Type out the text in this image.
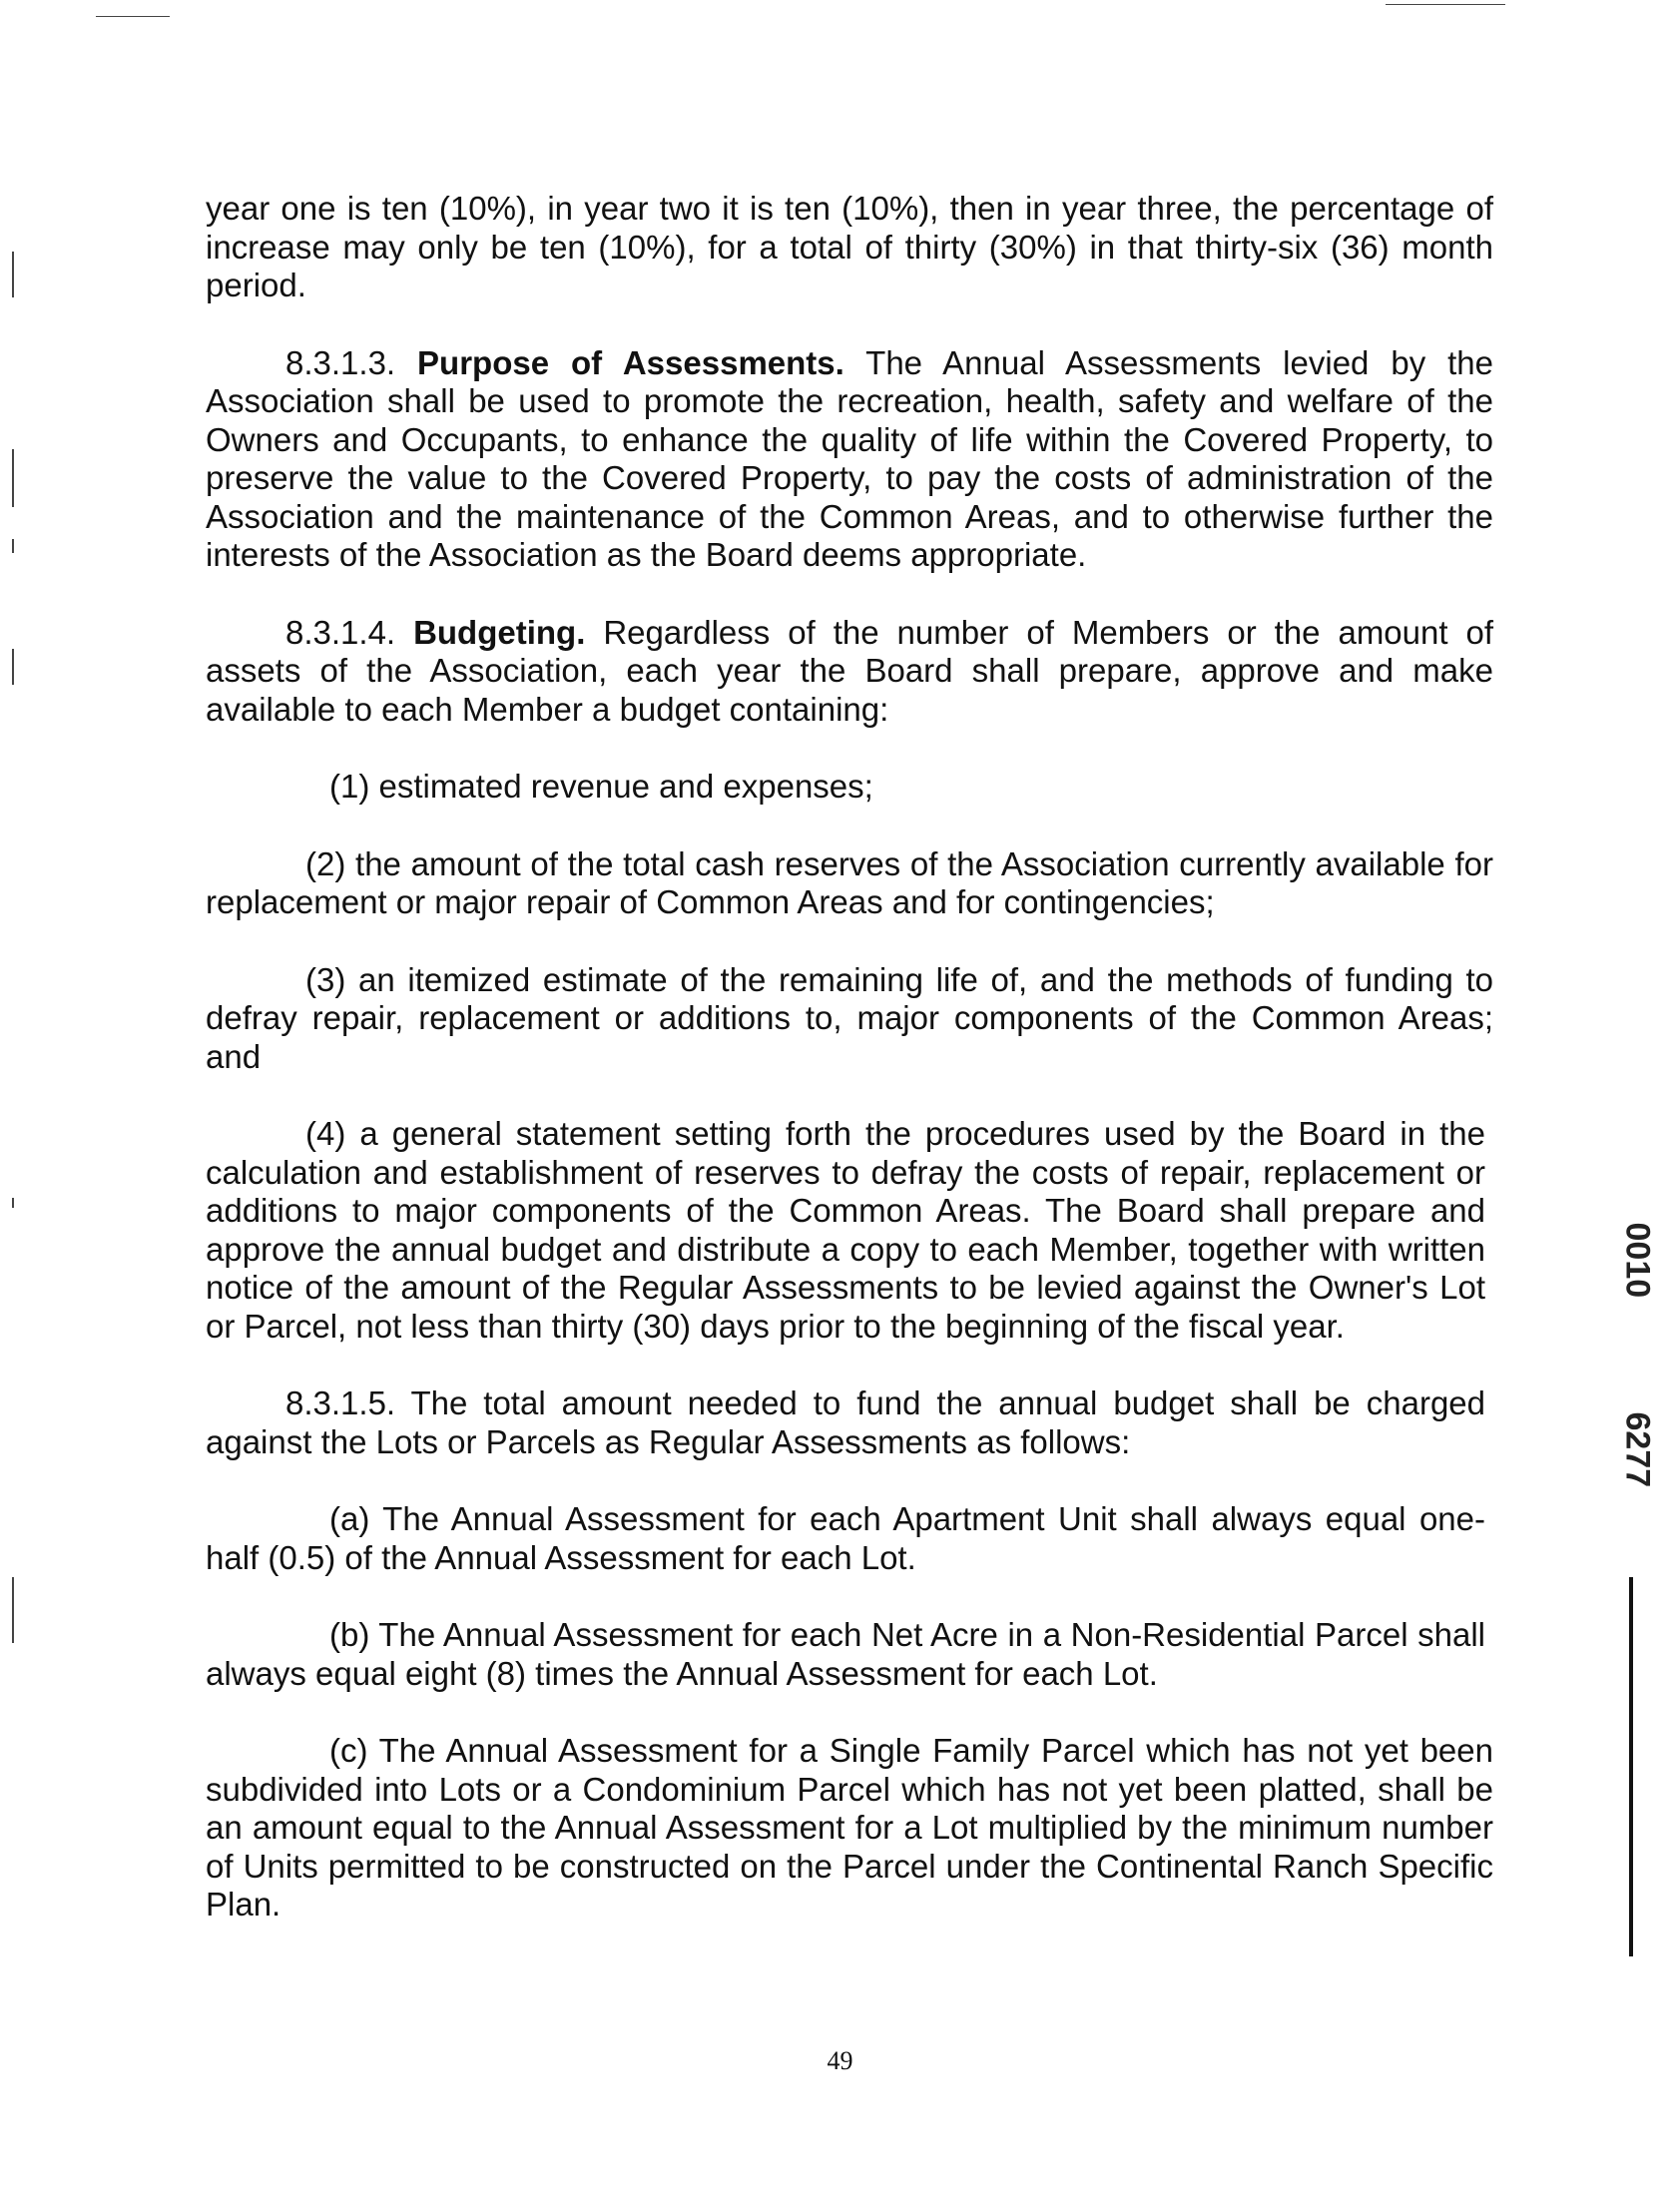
year one is ten (10%), in year two it is ten (10%), then in year three, the percentage of increase may only be ten (10%), for a total of thirty (30%) in that thirty-six (36) month period.

8.3.1.3. Purpose of Assessments. The Annual Assessments levied by the Association shall be used to promote the recreation, health, safety and welfare of the Owners and Occupants, to enhance the quality of life within the Covered Property, to preserve the value to the Covered Property, to pay the costs of administration of the Association and the maintenance of the Common Areas, and to otherwise further the interests of the Association as the Board deems appropriate.

8.3.1.4. Budgeting. Regardless of the number of Members or the amount of assets of the Association, each year the Board shall prepare, approve and make available to each Member a budget containing:

(1) estimated revenue and expenses;

(2) the amount of the total cash reserves of the Association currently available for replacement or major repair of Common Areas and for contingencies;

(3) an itemized estimate of the remaining life of, and the methods of funding to defray repair, replacement or additions to, major components of the Common Areas; and

(4) a general statement setting forth the procedures used by the Board in the calculation and establishment of reserves to defray the costs of repair, replacement or additions to major components of the Common Areas. The Board shall prepare and approve the annual budget and distribute a copy to each Member, together with written notice of the amount of the Regular Assessments to be levied against the Owner's Lot or Parcel, not less than thirty (30) days prior to the beginning of the fiscal year.

8.3.1.5. The total amount needed to fund the annual budget shall be charged against the Lots or Parcels as Regular Assessments as follows:

(a) The Annual Assessment for each Apartment Unit shall always equal one-half (0.5) of the Annual Assessment for each Lot.

(b) The Annual Assessment for each Net Acre in a Non-Residential Parcel shall always equal eight (8) times the Annual Assessment for each Lot.

(c) The Annual Assessment for a Single Family Parcel which has not yet been subdivided into Lots or a Condominium Parcel which has not yet been platted, shall be an amount equal to the Annual Assessment for a Lot multiplied by the minimum number of Units permitted to be constructed on the Parcel under the Continental Ranch Specific Plan.

49
0010
6277
